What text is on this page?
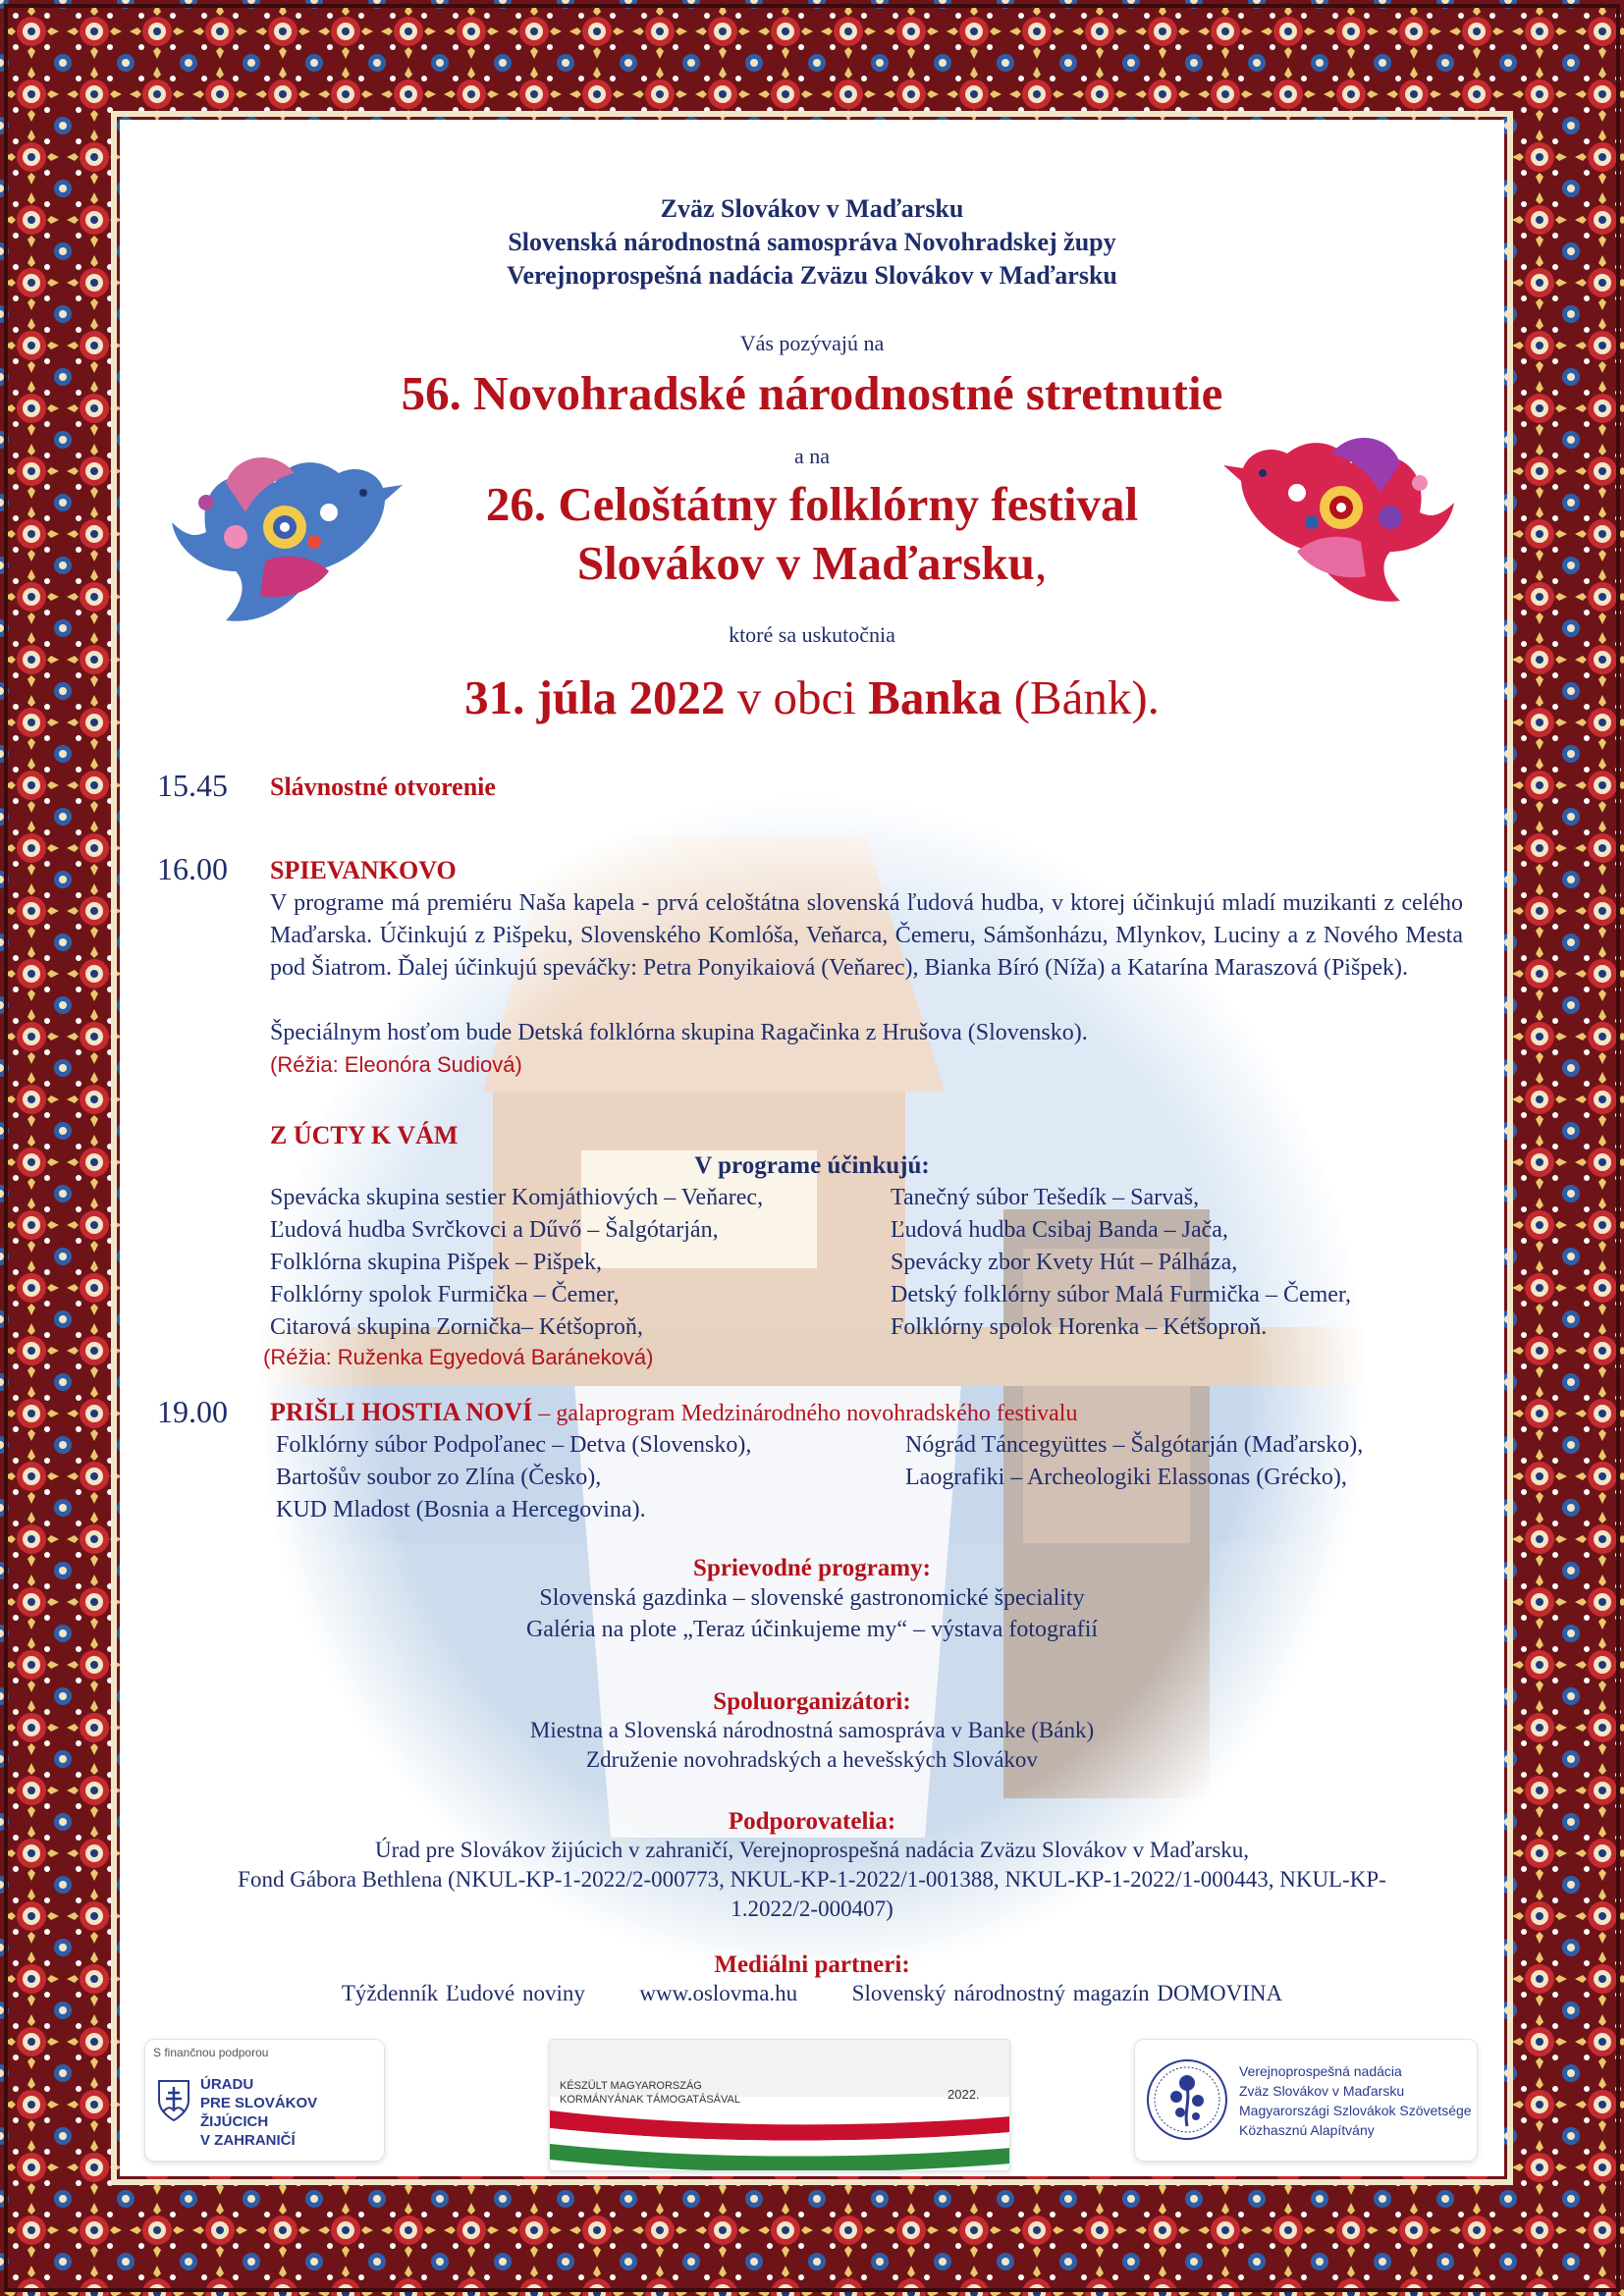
Zväz Slovákov v Maďarsku
Slovenská národnostná samospráva Novohradskej župy
Verejnoprospešná nadácia Zväzu Slovákov v Maďarsku
Vás pozývajú na
56. Novohradské národnostné stretnutie
a na
26. Celoštátny folklórny festival
Slovákov v Maďarsku,
ktoré sa uskutočnia
31. júla 2022 v obci Banka (Bánk).
15.45 Slávnostné otvorenie
16.00 SPIEVANKOVO
V programe má premiéru Naša kapela - prvá celoštátna slovenská ľudová hudba, v ktorej účinkujú mladí muzikanti z celého Maďarska. Účinkujú z Pišpeku, Slovenského Komlóša, Veňarca, Čemeru, Sámšonházu, Mlynkov, Luciny a z Nového Mesta pod Šiatrom. Ďalej účinkujú speváčky: Petra Ponyikaiová (Veňarec), Bianka Bíró (Níža) a Katarína Maraszová (Pišpek).
Špeciálnym hosťom bude Detská folklórna skupina Ragačinka z Hrušova (Slovensko).
(Réžia: Eleonóra Sudiová)
Z ÚCTY K VÁM
V programe účinkujú:
Spevácka skupina sestier Komjáthiových – Veňarec,
Ľudová hudba Svrčkovci a Dűvő – Šalgótarján,
Folklórna skupina Pišpek – Pišpek,
Folklórny spolok Furmička – Čemer,
Citarová skupina Zornička– Kétšoproň,
Tanečný súbor Tešedík – Sarvaš,
Ľudová hudba Csibaj Banda – Jača,
Spevácky zbor Kvety Hút – Pálháza,
Detský folklórny súbor Malá Furmička – Čemer,
Folklórny spolok Horenka – Kétšoproň.
(Réžia: Ruženka Egyedová Baráneková)
19.00 PRIŠLI HOSTIA NOVÍ – galaprogram Medzinárodného novohradského festivalu
Folklórny súbor Podpoľanec – Detva (Slovensko),
Bartošův soubor zo Zlína (Česko),
KUD Mladost (Bosnia a Hercegovina).
Nógrád Táncegyüttes – Šalgótarján (Maďarsko),
Laografiki – Archeologiki Elassonas (Grécko),
Sprievodné programy:
Slovenská gazdinka – slovenské gastronomické špeciality
Galéria na plote „Teraz účinkujeme my“ – výstava fotografií
Spoluorganizátori:
Miestna a Slovenská národnostná samospráva v Banke (Bánk)
Združenie novohradských a hevešských Slovákov
Podporovatelia:
Úrad pre Slovákov žijúcich v zahraničí, Verejnoprospešná nadácia Zväzu Slovákov v Maďarsku,
Fond Gábora Bethlena (NKUL-KP-1-2022/2-000773, NKUL-KP-1-2022/1-001388, NKUL-KP-1-2022/1-000443, NKUL-KP-
1.2022/2-000407)
Mediálni partneri:
Týždenník Ľudové noviny www.oslovma.hu Slovenský národnostný magazín DOMOVINA
S finančnou podporou
ÚRADU
PRE SLOVÁKOV
ŽIJÚCICH
V ZAHRANIČÍ
KÉSZÜLT MAGYARORSZÁG
KORMÁNYÁNAK TÁMOGATÁSÁVAL	2022.
Verejnoprospešná nadácia
Zväz Slovákov v Maďarsku
Magyarországi Szlovákok Szövetsége
Közhasznú Alapítvány
